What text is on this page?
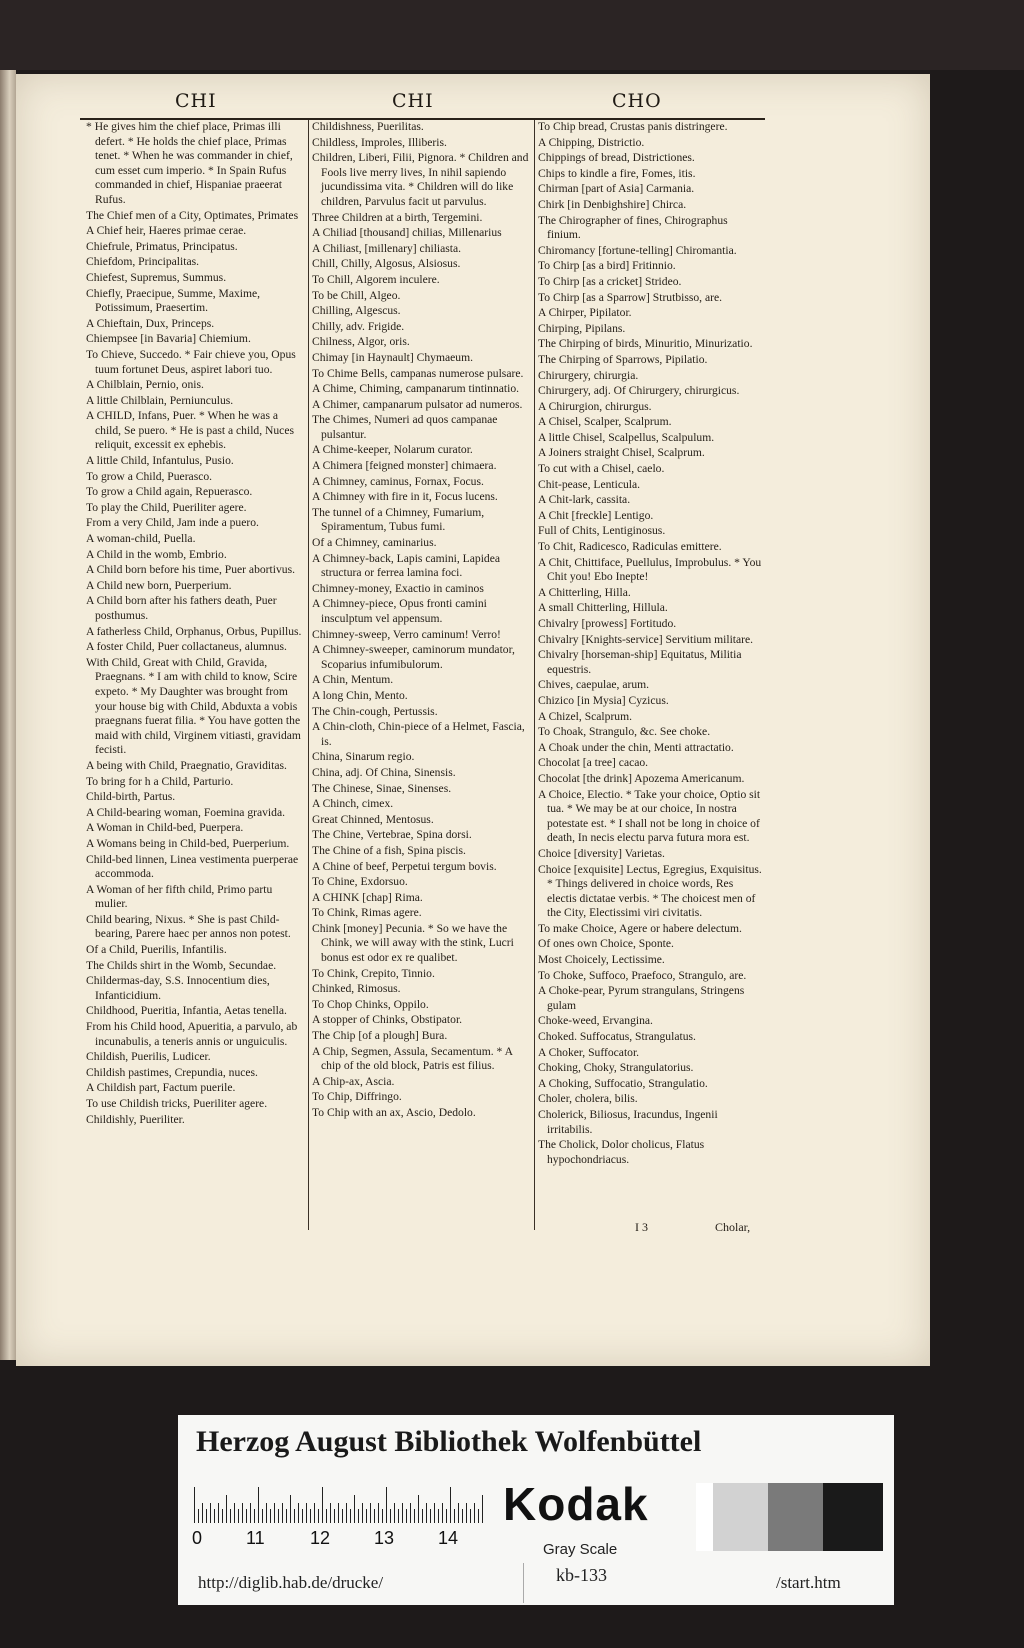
CHI	CHI	CHO
* He gives him the chief place, Primas illi defert. * He holds the chief place, Primas tenet. * When he was commander in chief, cum esset cum imperio. * In Spain Rufus commanded in chief, Hispaniae praeerat Rufus.
The Chief men of a City, Optimates, Primates
A Chief heir, Haeres primae cerae.
Chiefrule, Primatus, Principatus.
Chiefdom, Principalitas.
Chiefest, Supremus, Summus.
Chiefly, Praecipue, Summe, Maxime, Potissimum, Praesertim.
A Chieftain, Dux, Princeps.
Chiempsee [in Bavaria] Chiemium.
To Chieve, Succedo. * Fair chieve you, Opus tuum fortunet Deus, aspiret labori tuo.
A Chilblain, Pernio, onis.
A little Chilblain, Perniunculus.
A CHILD, Infans, Puer. * When he was a child, Se puero. * He is past a child, Nuces reliquit, excessit ex ephebis.
A little Child, Infantulus, Pusio.
To grow a Child, Puerasco.
To grow a Child again, Repuerasco.
To play the Child, Pueriliter agere.
From a very Child, Jam inde a puero.
A woman-child, Puella.
A Child in the womb, Embrio.
A Child born before his time, Puer abortivus.
A Child new born, Puerperium.
A Child born after his fathers death, Puer posthumus.
A fatherless Child, Orphanus, Orbus, Pupillus.
A foster Child, Puer collactaneus, alumnus.
With Child, Great with Child, Gravida, Praegnans. * I am with child to know, Scire expeto. * My Daughter was brought from your house big with Child, Abduxta a vobis praegnans fuerat filia. * You have gotten the maid with child, Virginem vitiasti, gravidam fecisti.
A being with Child, Praegnatio, Graviditas.
To bring for h a Child, Parturio.
Child-birth, Partus.
A Child-bearing woman, Foemina gravida.
A Woman in Child-bed, Puerpera.
A Womans being in Child-bed, Puerperium.
Child-bed linnen, Linea vestimenta puerperae accommoda.
A Woman of her fifth child, Primo partu mulier.
Child bearing, Nixus. * She is past Child-bearing, Parere haec per annos non potest.
Of a Child, Puerilis, Infantilis.
The Childs shirt in the Womb, Secundae.
Childermas-day, S.S. Innocentium dies, Infanticidium.
Childhood, Pueritia, Infantia, Aetas tenella.
From his Child hood, Apueritia, a parvulo, ab incunabulis, a teneris annis or unguiculis.
Childish, Puerilis, Ludicer.
Childish pastimes, Crepundia, nuces.
A Childish part, Factum puerile.
To use Childish tricks, Pueriliter agere.
Childishly, Pueriliter.
Childishness, Puerilitas.
Childless, Improles, Illiberis.
Children, Liberi, Filii, Pignora. * Children and Fools live merry lives, In nihil sapiendo jucundissima vita. * Children will do like children, Parvulus facit ut parvulus.
Three Children at a birth, Tergemini.
A Chiliad [thousand] chilias, Millenarius
A Chiliast, [millenary] chiliasta.
Chill, Chilly, Algosus, Alsiosus.
To Chill, Algorem inculere.
To be Chill, Algeo.
Chilling, Algescus.
Chilly, adv. Frigide.
Chilness, Algor, oris.
Chimay [in Haynault] Chymaeum.
To Chime Bells, campanas numerose pulsare.
A Chime, Chiming, campanarum tintinnatio.
A Chimer, campanarum pulsator ad numeros.
The Chimes, Numeri ad quos campanae pulsantur.
A Chime-keeper, Nolarum curator.
A Chimera [feigned monster] chimaera.
A Chimney, caminus, Fornax, Focus.
A Chimney with fire in it, Focus lucens.
The tunnel of a Chimney, Fumarium, Spiramentum, Tubus fumi.
Of a Chimney, caminarius.
A Chimney-back, Lapis camini, Lapidea structura or ferrea lamina foci.
Chimney-money, Exactio in caminos
A Chimney-piece, Opus fronti camini insculptum vel appensum.
Chimney-sweep, Verro caminum! Verro!
A Chimney-sweeper, caminorum mundator, Scoparius infumibulorum.
A Chin, Mentum.
A long Chin, Mento.
The Chin-cough, Pertussis.
A Chin-cloth, Chin-piece of a Helmet, Fascia, is.
China, Sinarum regio.
China, adj. Of China, Sinensis.
The Chinese, Sinae, Sinenses.
A Chinch, cimex.
Great Chinned, Mentosus.
The Chine, Vertebrae, Spina dorsi.
The Chine of a fish, Spina piscis.
A Chine of beef, Perpetui tergum bovis.
To Chine, Exdorsuo.
A CHINK [chap] Rima.
To Chink, Rimas agere.
Chink [money] Pecunia. * So we have the Chink, we will away with the stink, Lucri bonus est odor ex re qualibet.
To Chink, Crepito, Tinnio.
Chinked, Rimosus.
To Chop Chinks, Oppilo.
A stopper of Chinks, Obstipator.
The Chip [of a plough] Bura.
A Chip, Segmen, Assula, Secamentum. * A chip of the old block, Patris est filius.
A Chip-ax, Ascia.
To Chip, Diffringo.
To Chip with an ax, Ascio, Dedolo.
To Chip bread, Crustas panis distringere.
A Chipping, Districtio.
Chippings of bread, Districtiones.
Chips to kindle a fire, Fomes, itis.
Chirman [part of Asia] Carmania.
Chirk [in Denbighshire] Chirca.
The Chirographer of fines, Chirographus finium.
Chiromancy [fortune-telling] Chiromantia.
To Chirp [as a bird] Fritinnio.
To Chirp [as a cricket] Strideo.
To Chirp [as a Sparrow] Strutbisso, are.
A Chirper, Pipilator.
Chirping, Pipilans.
The Chirping of birds, Minuritio, Minurizatio.
The Chirping of Sparrows, Pipilatio.
Chirurgery, chirurgia.
Chirurgery, adj. Of Chirurgery, chirurgicus.
A Chirurgion, chirurgus.
A Chisel, Scalper, Scalprum.
A little Chisel, Scalpellus, Scalpulum.
A Joiners straight Chisel, Scalprum.
To cut with a Chisel, caelo.
Chit-pease, Lenticula.
A Chit-lark, cassita.
A Chit [freckle] Lentigo.
Full of Chits, Lentiginosus.
To Chit, Radicesco, Radiculas emittere.
A Chit, Chittiface, Puellulus, Improbulus. * You Chit you! Ebo Inepte!
A Chitterling, Hilla.
A small Chitterling, Hillula.
Chivalry [prowess] Fortitudo.
Chivalry [Knights-service] Servitium militare.
Chivalry [horseman-ship] Equitatus, Militia equestris.
Chives, caepulae, arum.
Chizico [in Mysia] Cyzicus.
A Chizel, Scalprum.
To Choak, Strangulo, &c. See choke.
A Choak under the chin, Menti attractatio.
Chocolat [a tree] cacao.
Chocolat [the drink] Apozema Americanum.
A Choice, Electio. * Take your choice, Optio sit tua. * We may be at our choice, In nostra potestate est. * I shall not be long in choice of death, In necis electu parva futura mora est.
Choice [diversity] Varietas.
Choice [exquisite] Lectus, Egregius, Exquisitus. * Things delivered in choice words, Res electis dictatae verbis. * The choicest men of the City, Electissimi viri civitatis.
To make Choice, Agere or habere delectum.
Of ones own Choice, Sponte.
Most Choicely, Lectissime.
To Choke, Suffoco, Praefoco, Strangulo, are.
A Choke-pear, Pyrum strangulans, Stringens gulam
Choke-weed, Ervangina.
Choked. Suffocatus, Strangulatus.
A Choker, Suffocator.
Choking, Choky, Strangulatorius.
A Choking, Suffocatio, Strangulatio.
Choler, cholera, bilis.
Cholerick, Biliosus, Iracundus, Ingenii irritabilis.
The Cholick, Dolor cholicus, Flatus hypochondriacus.
I 3	Cholar,
Herzog August Bibliothek Wolfenbüttel
0 11	12 13 14
Kodak
Gray Scale
kb-133
http://diglib.hab.de/drucke/	/start.htm
